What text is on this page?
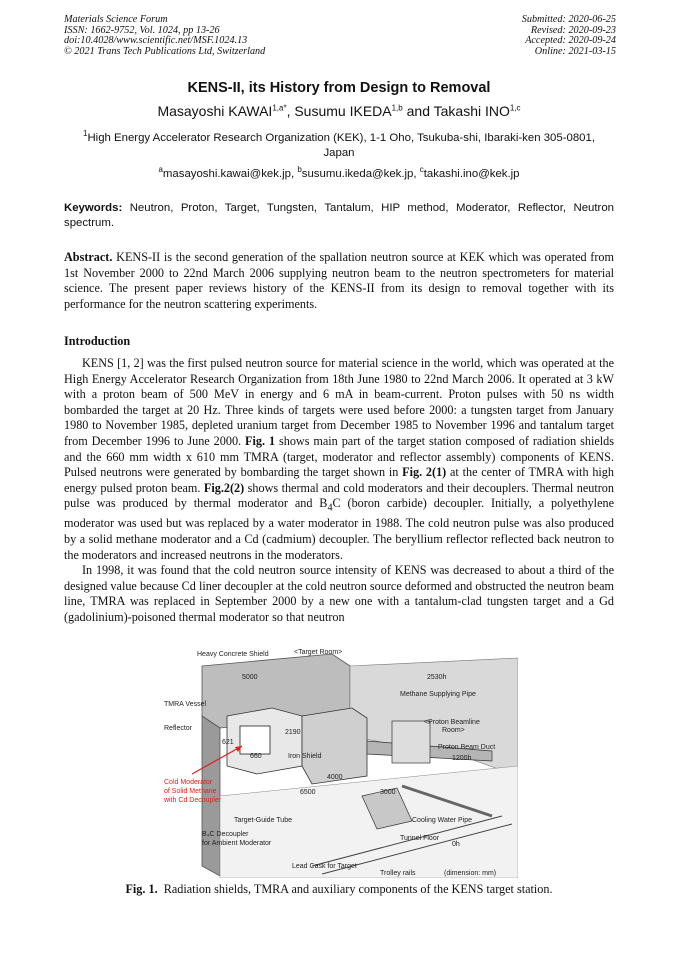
Materials Science Forum
ISSN: 1662-9752, Vol. 1024, pp 13-26
doi:10.4028/www.scientific.net/MSF.1024.13
© 2021 Trans Tech Publications Ltd, Switzerland
Submitted: 2020-06-25
Revised: 2020-09-23
Accepted: 2020-09-24
Online: 2021-03-15
KENS-II, its History from Design to Removal
Masayoshi $KAWAI^{1,a*}$, Susumu IKEDA$^{1,b}$ and Takashi INO$^{1,c}$
$^1$High Energy Accelerator Research Organization (KEK), 1-1 Oho, Tsukuba-shi, Ibaraki-ken 305-0801, Japan
$^a$masayoshi.kawai@kek.jp, $^b$susumu.ikeda@kek.jp, $^c$takashi.ino@kek.jp
Keywords: Neutron, Proton, Target, Tungsten, Tantalum, HIP method, Moderator, Reflector, Neutron spectrum.
Abstract. KENS-II is the second generation of the spallation neutron source at KEK which was operated from 1st November 2000 to 22nd March 2006 supplying neutron beam to the neutron spectrometers for material science. The present paper reviews history of the KENS-II from its design to removal together with its performance for the neutron scattering experiments.
Introduction

KENS [1, 2] was the first pulsed neutron source for material science in the world, which was operated at the High Energy Accelerator Research Organization from 18th June 1980 to 22nd March 2006. It operated at 3 kW with a proton beam of 500 MeV in energy and 6 mA in beam-current. Proton pulses with 50 ns width bombarded the target at 20 Hz. Three kinds of targets were used before 2000: a tungsten target from January 1980 to November 1985, depleted uranium target from December 1985 to November 1996 and tantalum target from December 1996 to June 2000. Fig. 1 shows main part of the target station composed of radiation shields and the 660 mm width x 610 mm TMRA (target, moderator and reflector assembly) components of KENS. Pulsed neutrons were generated by bombarding the target shown in Fig. 2(1) at the center of TMRA with high energy pulsed proton beam. Fig.2(2) shows thermal and cold moderators and their decouplers. Thermal neutron pulse was produced by thermal moderator and $B_4C$ (boron carbide) decoupler. Initially, a polyethylene moderator was used but was replaced by a water moderator in 1988. The cold neutron pulse was also produced by a solid methane moderator and a Cd (cadmium) decoupler. The beryllium reflector reflected back neutron to the moderators and increased neutrons in the moderators.

In 1998, it was found that the cold neutron source intensity of KENS was decreased to about a third of the designed value because Cd liner decoupler at the cold neutron source deformed and obstructed the neutron beam line, TMRA was replaced in September 2000 by a new one with a tantalum-clad tungsten target and a Gd (gadolinium)-poisoned thermal moderator so that neutron

Heavy Concrete Shield	<Target Room>
5000	2530h
TMRA Vessel
Reflector
2190
621
660	Iron Shield
Methane Supplying Pipe
<Proton Beamline
Room>
Proton Beam Duct
1200h
Cold Moderator
of Solid Methane
with Cd Decoupler
4000
6500	3000
Target-Guide Tube	Cooling Water Pipe
Tunnel Floor
0h
B₄C Decoupler
for Ambient Moderator
Lead Cask for Target
Trolley rails	(dimension: mm)
Fig. 1. Radiation shields, TMRA and auxiliary components of the KENS target station.
